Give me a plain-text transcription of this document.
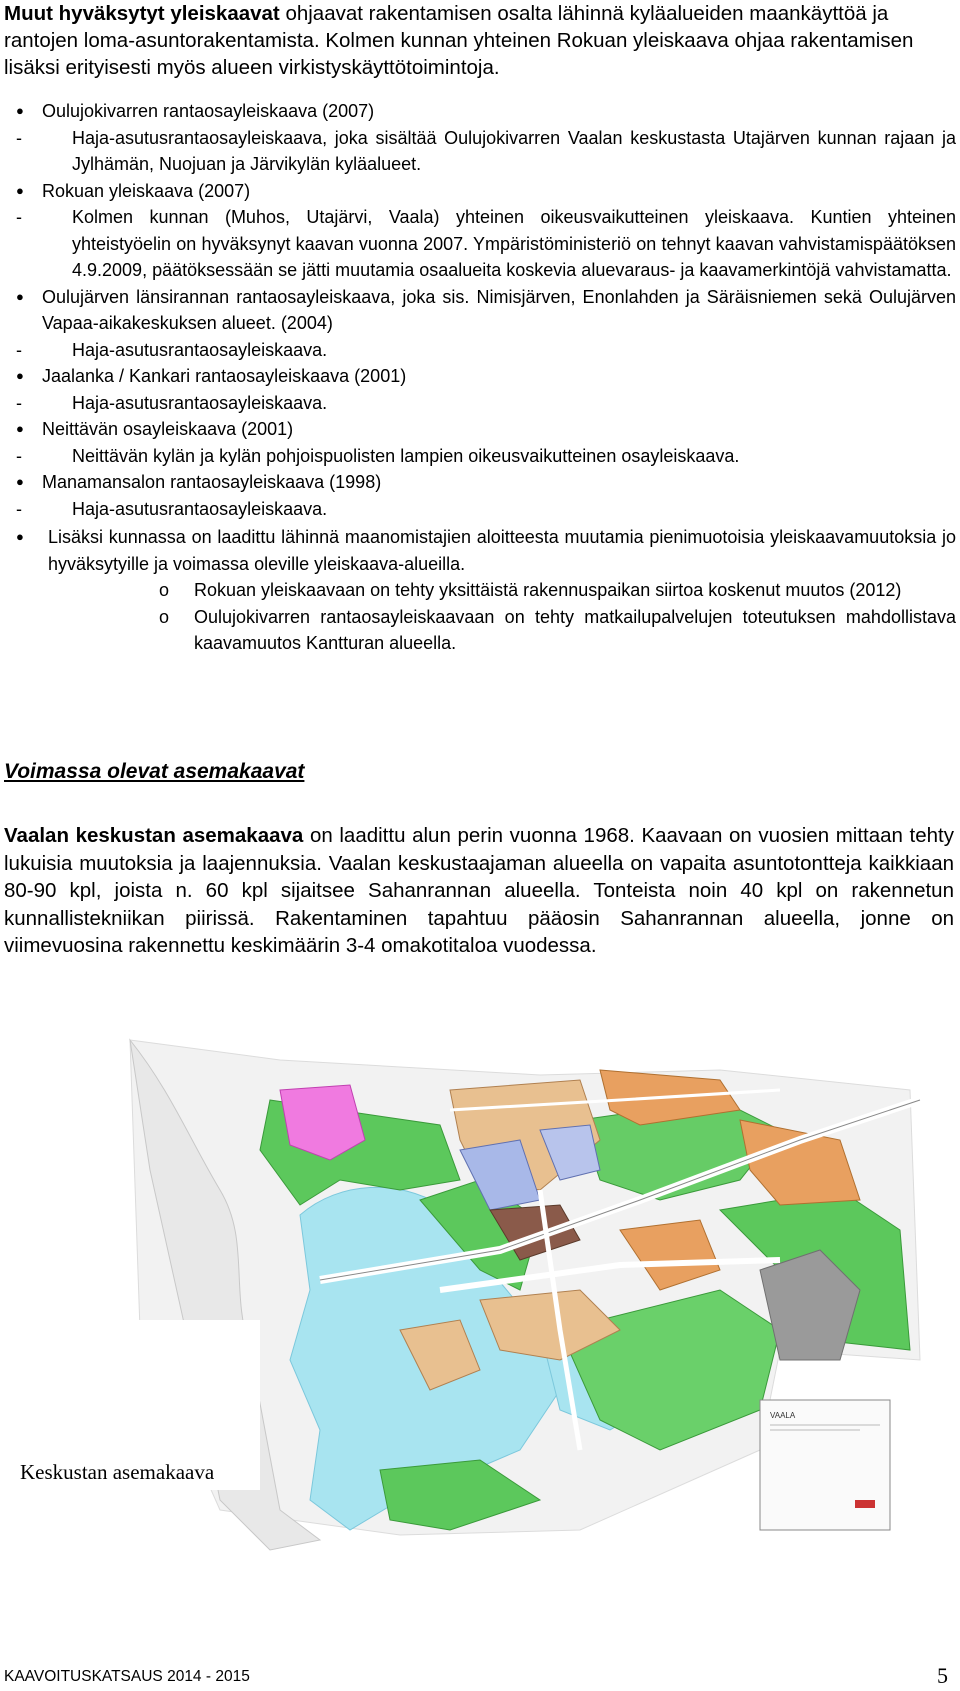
Muut hyväksytyt yleiskaavat ohjaavat rakentamisen osalta lähinnä kyläalueiden maankäyttöä ja rantojen loma-asuntorakentamista. Kolmen kunnan yhteinen Rokuan yleiskaava ohjaa rakentamisen lisäksi erityisesti myös alueen virkistyskäyttötoimintoja.

● Oulujokivarren rantaosayleiskaava (2007)
-	Haja-asutusrantaosayleiskaava, joka sisältää Oulujokivarren Vaalan keskustasta Utajärven kunnan rajaan ja Jylhämän, Nuojuan ja Järvikylän kyläalueet.
● Rokuan yleiskaava (2007)
-	Kolmen kunnan (Muhos, Utajärvi, Vaala) yhteinen oikeusvaikutteinen yleiskaava. Kuntien yhteinen yhteistyöelin on hyväksynyt kaavan vuonna 2007. Ympäristöministeriö on tehnyt kaavan vahvistamispäätöksen 4.9.2009, päätöksessään se jätti muutamia osaalueita koskevia aluevaraus- ja kaavamerkintöjä vahvistamatta.
● Oulujärven länsirannan rantaosayleiskaava, joka sis. Nimisjärven, Enonlahden ja Säräisniemen sekä Oulujärven Vapaa-aikakeskuksen alueet. (2004)
-	Haja-asutusrantaosayleiskaava.
● Jaalanka / Kankari rantaosayleiskaava (2001)
-	Haja-asutusrantaosayleiskaava.
● Neittävän osayleiskaava (2001)
-	Neittävän kylän ja kylän pohjoispuolisten lampien oikeusvaikutteinen osayleiskaava.
● Manamansalon rantaosayleiskaava (1998)
-	Haja-asutusrantaosayleiskaava.
● Lisäksi kunnassa on laadittu lähinnä maanomistajien aloitteesta muutamia pienimuotoisia yleiskaavamuutoksia jo hyväksytyille ja voimassa oleville yleiskaava-alueilla.
o Rokuan yleiskaavaan on tehty yksittäistä rakennuspaikan siirtoa koskenut muutos (2012)
o Oulujokivarren rantaosayleiskaavaan on tehty matkailupalvelujen toteutuksen mahdollistava kaavamuutos Kantturan alueella.
Voimassa olevat asemakaavat

Vaalan keskustan asemakaava on laadittu alun perin vuonna 1968. Kaavaan on vuosien mittaan tehty lukuisia muutoksia ja laajennuksia. Vaalan keskustaajaman alueella on vapaita asuntotontteja kaikkiaan 80-90 kpl, joista n. 60 kpl sijaitsee Sahanrannan alueella. Tonteista noin 40 kpl on rakennetun kunnallistekniikan piirissä. Rakentaminen tapahtuu pääosin Sahanrannan alueella, jonne on viimevuosina rakennettu keskimäärin 3-4 omakotitaloa vuodessa.

VAALA
Keskustan asemakaava
KAAVOITUSKATSAUS 2014 - 2015	5
